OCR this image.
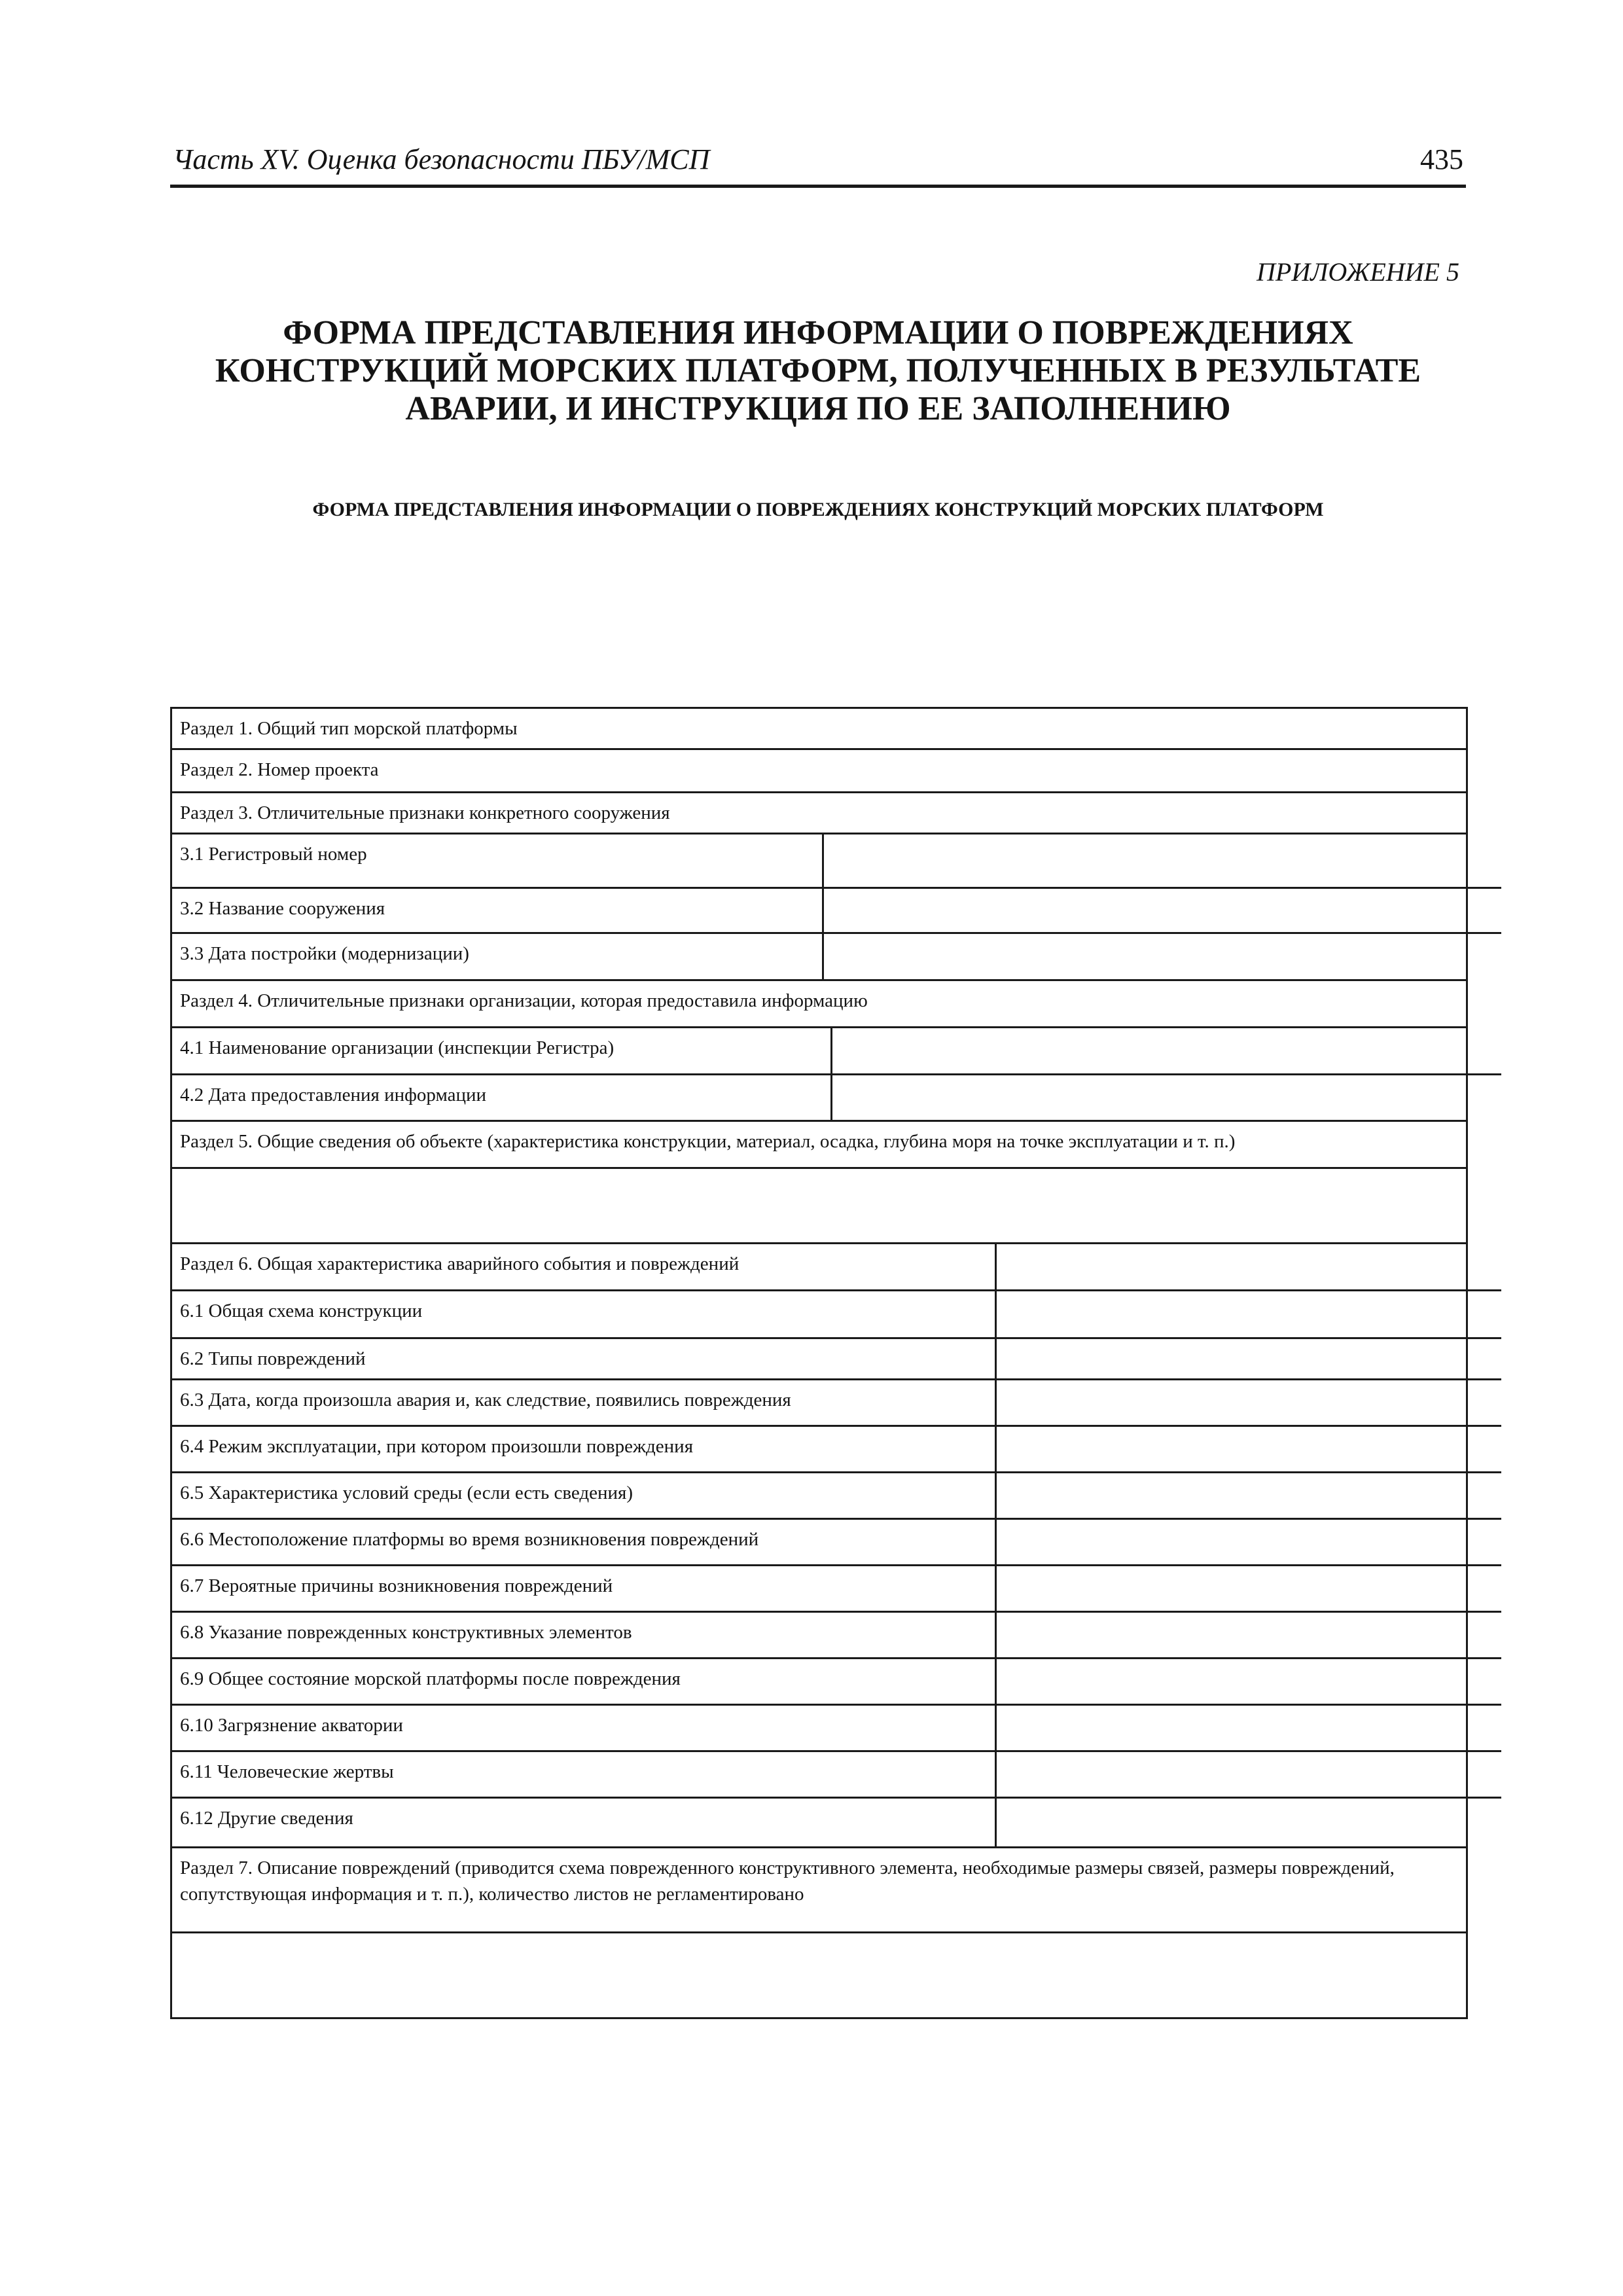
Часть XV. Оценка безопасности ПБУ/МСП	435
ПРИЛОЖЕНИЕ 5
ФОРМА ПРЕДСТАВЛЕНИЯ ИНФОРМАЦИИ О ПОВРЕЖДЕНИЯХ
КОНСТРУКЦИЙ МОРСКИХ ПЛАТФОРМ, ПОЛУЧЕННЫХ В РЕЗУЛЬТАТЕ
АВАРИИ, И ИНСТРУКЦИЯ ПО ЕЕ ЗАПОЛНЕНИЮ
ФОРМА ПРЕДСТАВЛЕНИЯ ИНФОРМАЦИИ О ПОВРЕЖДЕНИЯХ КОНСТРУКЦИЙ МОРСКИХ ПЛАТФОРМ
Раздел 1. Общий тип морской платформы
Раздел 2. Номер проекта
Раздел 3. Отличительные признаки конкретного сооружения

3.1 Регистровый номер	
3.2 Название сооружения	
3.3 Дата постройки (модернизации)	

Раздел 4. Отличительные признаки организации, которая предоставила информацию

4.1 Наименование организации (инспекции Регистра)	
4.2 Дата предоставления информации	

Раздел 5. Общие сведения об объекте (характеристика конструкции, материал, осадка, глубина моря на точке эксплуатации и т. п.)

Раздел 6. Общая характеристика аварийного события и повреждений	
6.1 Общая схема конструкции	
6.2 Типы повреждений	
6.3 Дата, когда произошла авария и, как следствие, появились повреждения	
6.4 Режим эксплуатации, при котором произошли повреждения	
6.5 Характеристика условий среды (если есть сведения)	
6.6 Местоположение платформы во время возникновения повреждений	
6.7 Вероятные причины возникновения повреждений	
6.8 Указание поврежденных конструктивных элементов	
6.9 Общее состояние морской платформы после повреждения	
6.10 Загрязнение акватории	
6.11 Человеческие жертвы	
6.12 Другие сведения	

Раздел 7. Описание повреждений (приводится схема поврежденного конструктивного элемента, необходимые размеры связей, размеры повреждений, сопутствующая информация и т. п.), количество листов не регламентировано
